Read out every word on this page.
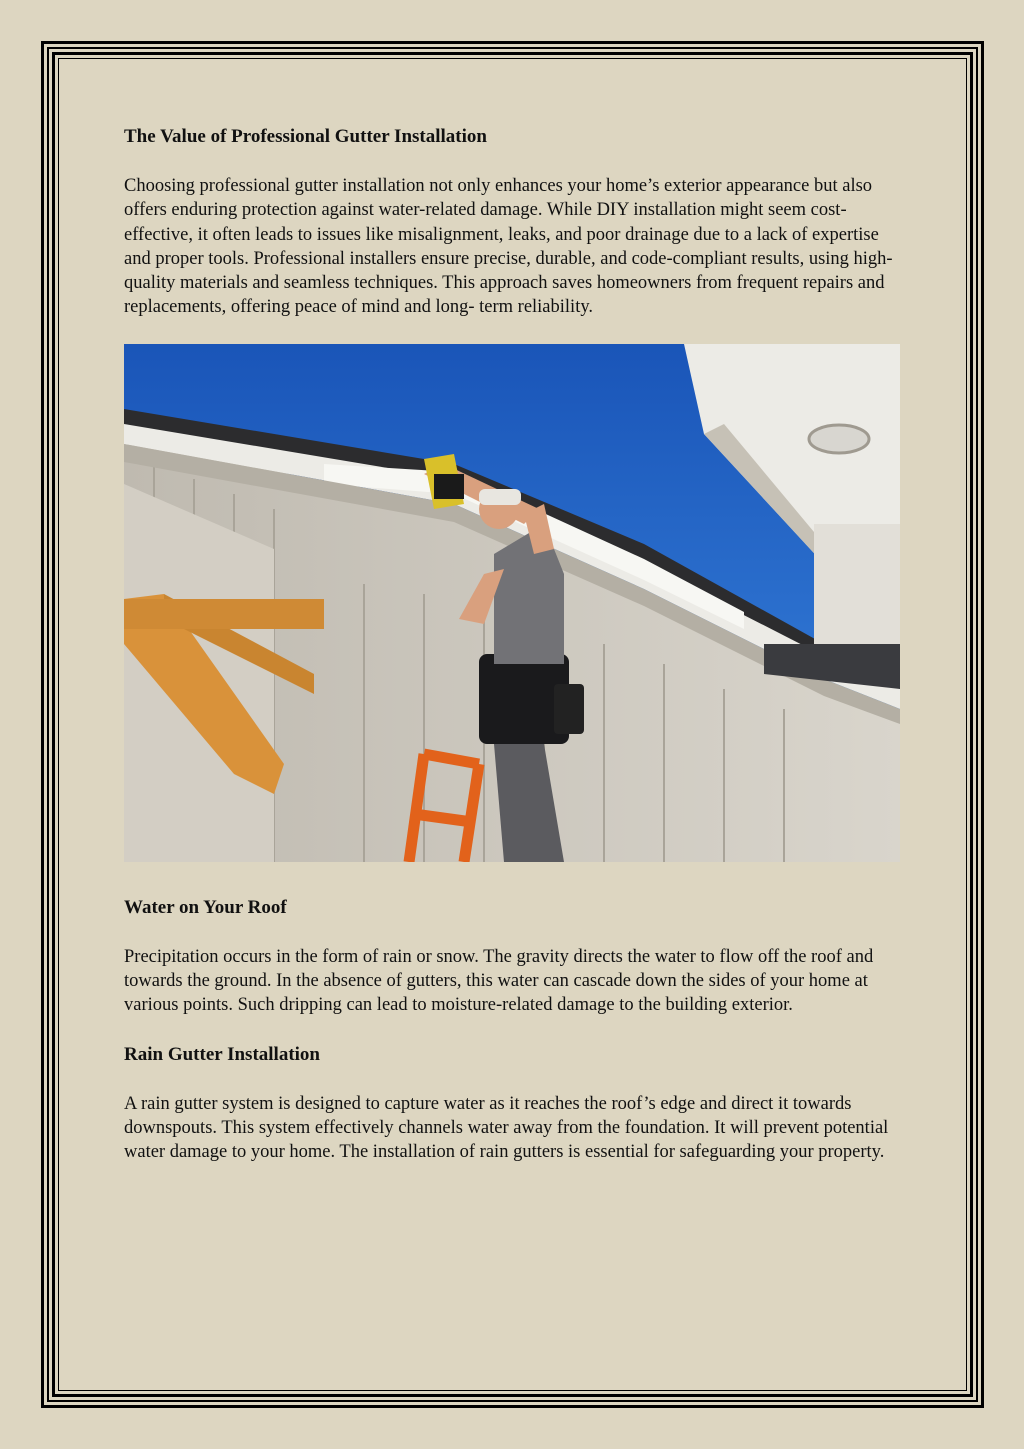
The Value of Professional Gutter Installation

Choosing professional gutter installation not only enhances your home’s exterior appearance but also offers enduring protection against water-related damage. While DIY installation might seem cost-effective, it often leads to issues like misalignment, leaks, and poor drainage due to a lack of expertise and proper tools. Professional installers ensure precise, durable, and code-compliant results, using high-quality materials and seamless techniques. This approach saves homeowners from frequent repairs and replacements, offering peace of mind and long- term reliability.

Water on Your Roof

Precipitation occurs in the form of rain or snow. The gravity directs the water to flow off the roof and towards the ground. In the absence of gutters, this water can cascade down the sides of your home at various points. Such dripping can lead to moisture-related damage to the building exterior.

Rain Gutter Installation

A rain gutter system is designed to capture water as it reaches the roof’s edge and direct it towards downspouts. This system effectively channels water away from the foundation. It will prevent potential water damage to your home. The installation of rain gutters is essential for safeguarding your property.
